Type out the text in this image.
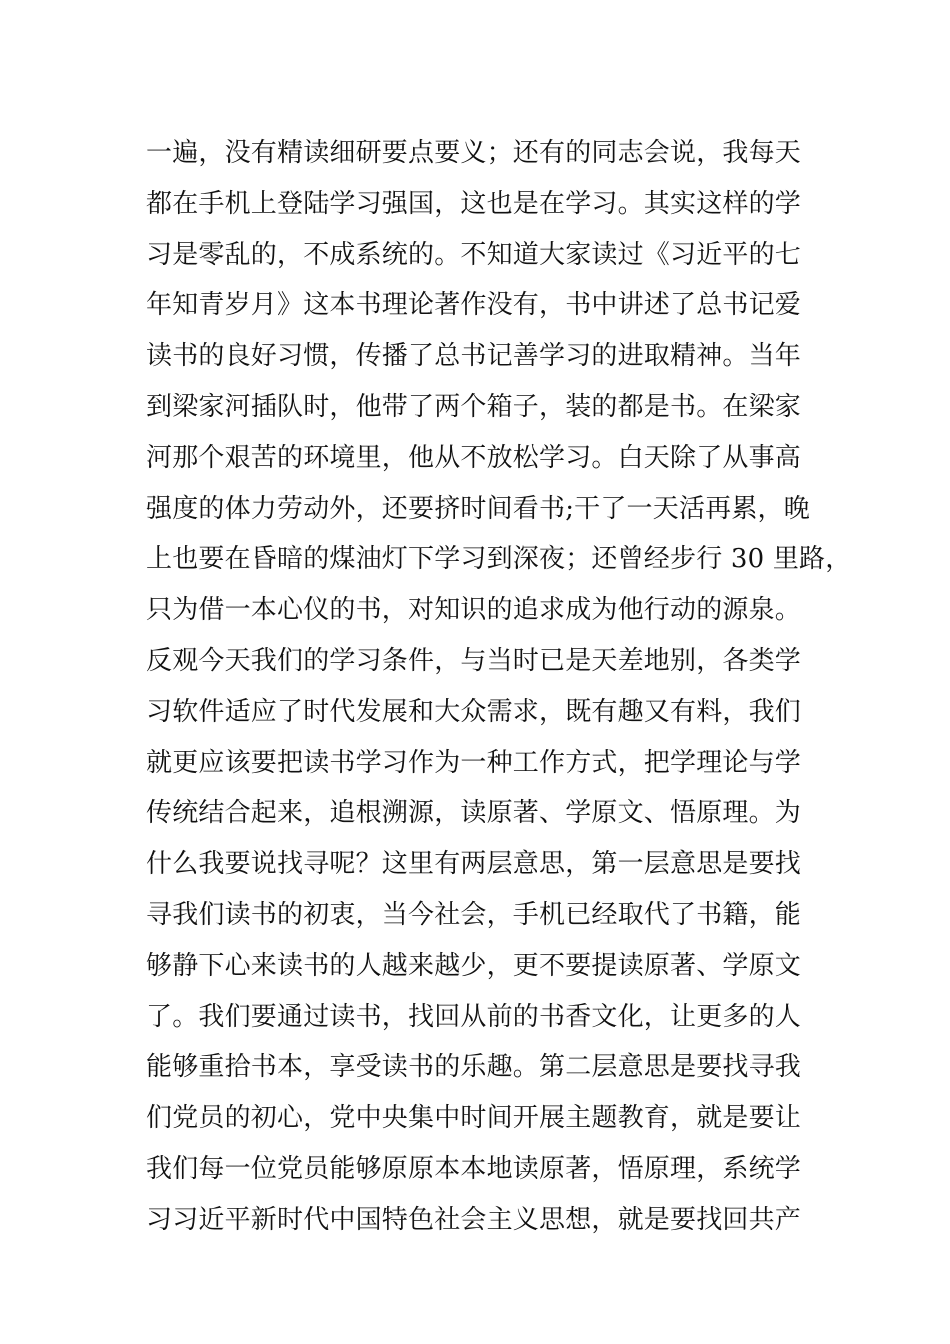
一遍，没有精读细研要点要义；还有的同志会说，我每天
都在手机上登陆学习强国，这也是在学习。其实这样的学
习是零乱的，不成系统的。不知道大家读过《习近平的七
年知青岁月》这本书理论著作没有，书中讲述了总书记爱
读书的良好习惯，传播了总书记善学习的进取精神。当年
到梁家河插队时，他带了两个箱子，装的都是书。在梁家
河那个艰苦的环境里，他从不放松学习。白天除了从事高
强度的体力劳动外，还要挤时间看书;干了一天活再累，晚
上也要在昏暗的煤油灯下学习到深夜；还曾经步行 30 里路，
只为借一本心仪的书，对知识的追求成为他行动的源泉。
反观今天我们的学习条件，与当时已是天差地别，各类学
习软件适应了时代发展和大众需求，既有趣又有料，我们
就更应该要把读书学习作为一种工作方式，把学理论与学
传统结合起来，追根溯源，读原著、学原文、悟原理。为
什么我要说找寻呢？这里有两层意思，第一层意思是要找
寻我们读书的初衷，当今社会，手机已经取代了书籍，能
够静下心来读书的人越来越少，更不要提读原著、学原文
了。我们要通过读书，找回从前的书香文化，让更多的人
能够重拾书本，享受读书的乐趣。第二层意思是要找寻我
们党员的初心，党中央集中时间开展主题教育，就是要让
我们每一位党员能够原原本本地读原著，悟原理，系统学
习习近平新时代中国特色社会主义思想，就是要找回共产
